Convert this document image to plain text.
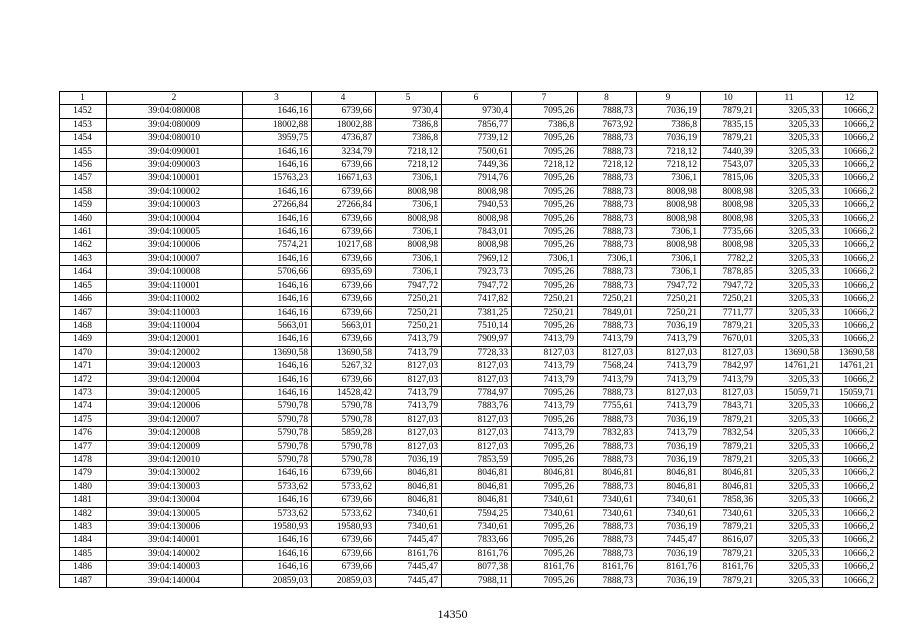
1	2	3	4	5	6	7	8	9	10	11	12
1452	39:04:080008	1646,16	6739,66	9730,4	9730,4	7095,26	7888,73	7036,19	7879,21	3205,33	10666,2
1453	39:04:080009	18002,88	18002,88	7386,8	7856,77	7386,8	7673,92	7386,8	7835,15	3205,33	10666,2
1454	39:04:080010	3959,75	4736,87	7386,8	7739,12	7095,26	7888,73	7036,19	7879,21	3205,33	10666,2
1455	39:04:090001	1646,16	3234,79	7218,12	7500,61	7095,26	7888,73	7218,12	7440,39	3205,33	10666,2
1456	39:04:090003	1646,16	6739,66	7218,12	7449,36	7218,12	7218,12	7218,12	7543,07	3205,33	10666,2
1457	39:04:100001	15763,23	16671,63	7306,1	7914,76	7095,26	7888,73	7306,1	7815,06	3205,33	10666,2
1458	39:04:100002	1646,16	6739,66	8008,98	8008,98	7095,26	7888,73	8008,98	8008,98	3205,33	10666,2
1459	39:04:100003	27266,84	27266,84	7306,1	7940,53	7095,26	7888,73	8008,98	8008,98	3205,33	10666,2
1460	39:04:100004	1646,16	6739,66	8008,98	8008,98	7095,26	7888,73	8008,98	8008,98	3205,33	10666,2
1461	39:04:100005	1646,16	6739,66	7306,1	7843,01	7095,26	7888,73	7306,1	7735,66	3205,33	10666,2
1462	39:04:100006	7574,21	10217,68	8008,98	8008,98	7095,26	7888,73	8008,98	8008,98	3205,33	10666,2
1463	39:04:100007	1646,16	6739,66	7306,1	7969,12	7306,1	7306,1	7306,1	7782,2	3205,33	10666,2
1464	39:04:100008	5706,66	6935,69	7306,1	7923,73	7095,26	7888,73	7306,1	7878,85	3205,33	10666,2
1465	39:04:110001	1646,16	6739,66	7947,72	7947,72	7095,26	7888,73	7947,72	7947,72	3205,33	10666,2
1466	39:04:110002	1646,16	6739,66	7250,21	7417,82	7250,21	7250,21	7250,21	7250,21	3205,33	10666,2
1467	39:04:110003	1646,16	6739,66	7250,21	7381,25	7250,21	7849,01	7250,21	7711,77	3205,33	10666,2
1468	39:04:110004	5663,01	5663,01	7250,21	7510,14	7095,26	7888,73	7036,19	7879,21	3205,33	10666,2
1469	39:04:120001	1646,16	6739,66	7413,79	7909,97	7413,79	7413,79	7413,79	7670,01	3205,33	10666,2
1470	39:04:120002	13690,58	13690,58	7413,79	7728,33	8127,03	8127,03	8127,03	8127,03	13690,58	13690,58
1471	39:04:120003	1646,16	5267,32	8127,03	8127,03	7413,79	7568,24	7413,79	7842,97	14761,21	14761,21
1472	39:04:120004	1646,16	6739,66	8127,03	8127,03	7413,79	7413,79	7413,79	7413,79	3205,33	10666,2
1473	39:04:120005	1646,16	14528,42	7413,79	7784,97	7095,26	7888,73	8127,03	8127,03	15059,71	15059,71
1474	39:04:120006	5790,78	5790,78	7413,79	7883,76	7413,79	7755,61	7413,79	7843,71	3205,33	10666,2
1475	39:04:120007	5790,78	5790,78	8127,03	8127,03	7095,26	7888,73	7036,19	7879,21	3205,33	10666,2
1476	39:04:120008	5790,78	5859,28	8127,03	8127,03	7413,79	7832,83	7413,79	7832,54	3205,33	10666,2
1477	39:04:120009	5790,78	5790,78	8127,03	8127,03	7095,26	7888,73	7036,19	7879,21	3205,33	10666,2
1478	39:04:120010	5790,78	5790,78	7036,19	7853,59	7095,26	7888,73	7036,19	7879,21	3205,33	10666,2
1479	39:04:130002	1646,16	6739,66	8046,81	8046,81	8046,81	8046,81	8046,81	8046,81	3205,33	10666,2
1480	39:04:130003	5733,62	5733,62	8046,81	8046,81	7095,26	7888,73	8046,81	8046,81	3205,33	10666,2
1481	39:04:130004	1646,16	6739,66	8046,81	8046,81	7340,61	7340,61	7340,61	7858,36	3205,33	10666,2
1482	39:04:130005	5733,62	5733,62	7340,61	7594,25	7340,61	7340,61	7340,61	7340,61	3205,33	10666,2
1483	39:04:130006	19580,93	19580,93	7340,61	7340,61	7095,26	7888,73	7036,19	7879,21	3205,33	10666,2
1484	39:04:140001	1646,16	6739,66	7445,47	7833,66	7095,26	7888,73	7445,47	8616,07	3205,33	10666,2
1485	39:04:140002	1646,16	6739,66	8161,76	8161,76	7095,26	7888,73	7036,19	7879,21	3205,33	10666,2
1486	39:04:140003	1646,16	6739,66	7445,47	8077,38	8161,76	8161,76	8161,76	8161,76	3205,33	10666,2
1487	39:04:140004	20859,03	20859,03	7445,47	7988,11	7095,26	7888,73	7036,19	7879,21	3205,33	10666,2
14350
